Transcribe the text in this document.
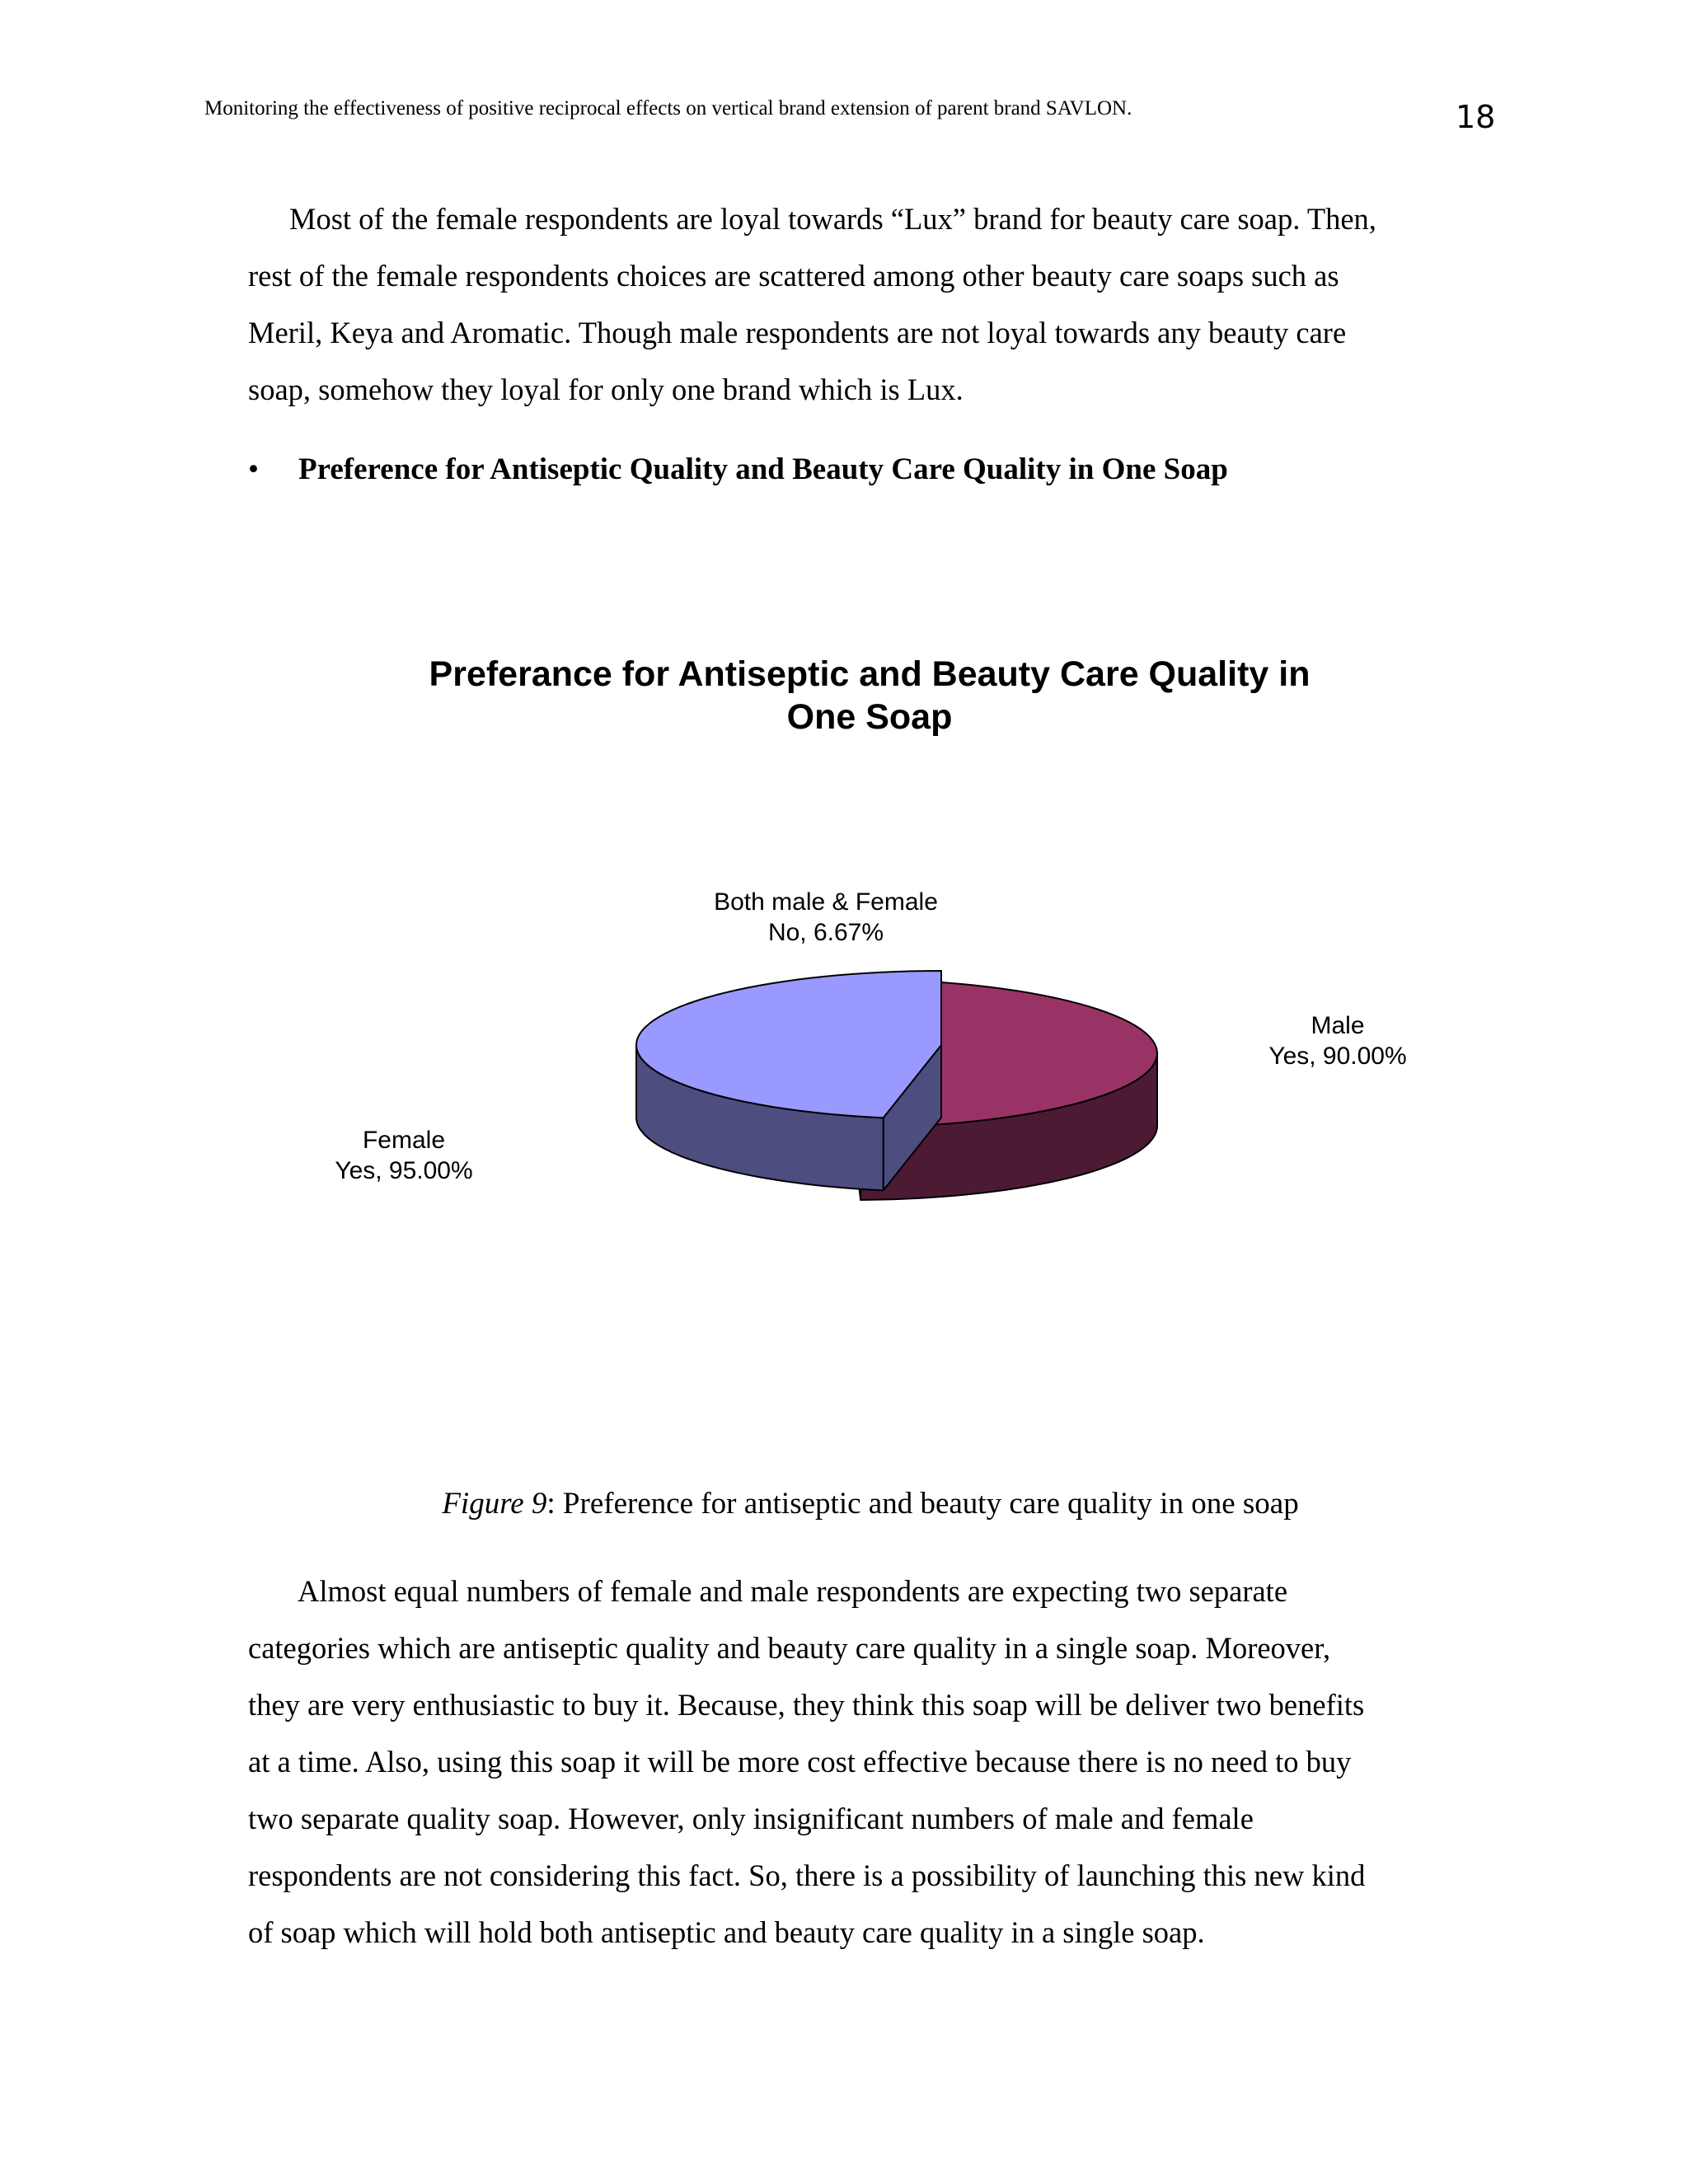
Monitoring the effectiveness of positive reciprocal effects on vertical brand extension of parent brand SAVLON.	18
Most of the female respondents are loyal towards “Lux” brand for beauty care soap. Then,
rest of the female respondents choices are scattered among other beauty care soaps such as
Meril, Keya and Aromatic. Though male respondents are not loyal towards any beauty care
soap, somehow they loyal for only one brand which is Lux.
• Preference for Antiseptic Quality and Beauty Care Quality in One Soap
Preferance for Antiseptic and Beauty Care Quality in
One Soap
Female Yes, 95.00%
Both male & Female No, 6.67%
Male Yes, 90.00%
Figure 9: Preference for antiseptic and beauty care quality in one soap
Almost equal numbers of female and male respondents are expecting two separate
categories which are antiseptic quality and beauty care quality in a single soap. Moreover,
they are very enthusiastic to buy it. Because, they think this soap will be deliver two benefits
at a time. Also, using this soap it will be more cost effective because there is no need to buy
two separate quality soap. However, only insignificant numbers of male and female
respondents are not considering this fact. So, there is a possibility of launching this new kind
of soap which will hold both antiseptic and beauty care quality in a single soap.
